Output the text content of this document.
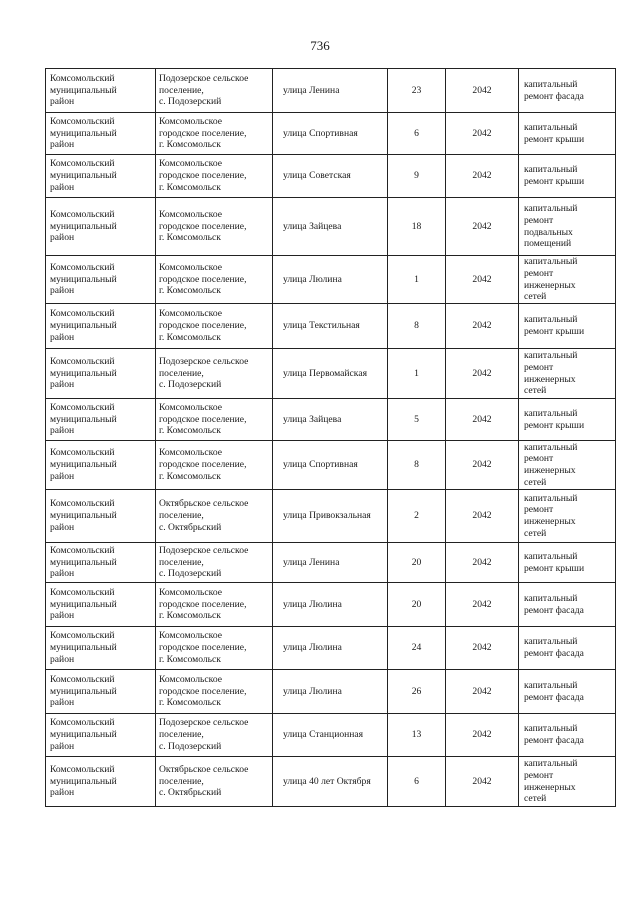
736
Комсомольский
муниципальный
район	Подозерское сельское
поселение,
с. Подозерский	улица Ленина	23	2042	капитальный
ремонт фасада

Комсомольский
муниципальный
район	Комсомольское
городское поселение,
г. Комсомольск	улица Спортивная	6	2042	капитальный
ремонт крыши

Комсомольский
муниципальный
район	Комсомольское
городское поселение,
г. Комсомольск	улица Советская	9	2042	капитальный
ремонт крыши

Комсомольский
муниципальный
район	Комсомольское
городское поселение,
г. Комсомольск	улица Зайцева	18	2042	капитальный
ремонт
подвальных
помещений

Комсомольский
муниципальный
район	Комсомольское
городское поселение,
г. Комсомольск	улица Люлина	1	2042	капитальный
ремонт
инженерных
сетей

Комсомольский
муниципальный
район	Комсомольское
городское поселение,
г. Комсомольск	улица Текстильная	8	2042	капитальный
ремонт крыши

Комсомольский
муниципальный
район	Подозерское сельское
поселение,
с. Подозерский	улица Первомайская	1	2042	капитальный
ремонт
инженерных
сетей

Комсомольский
муниципальный
район	Комсомольское
городское поселение,
г. Комсомольск	улица Зайцева	5	2042	капитальный
ремонт крыши

Комсомольский
муниципальный
район	Комсомольское
городское поселение,
г. Комсомольск	улица Спортивная	8	2042	капитальный
ремонт
инженерных
сетей

Комсомольский
муниципальный
район	Октябрьское сельское
поселение,
с. Октябрьский	улица Привокзальная	2	2042	капитальный
ремонт
инженерных
сетей

Комсомольский
муниципальный
район	Подозерское сельское
поселение,
с. Подозерский	улица Ленина	20	2042	капитальный
ремонт крыши

Комсомольский
муниципальный
район	Комсомольское
городское поселение,
г. Комсомольск	улица Люлина	20	2042	капитальный
ремонт фасада

Комсомольский
муниципальный
район	Комсомольское
городское поселение,
г. Комсомольск	улица Люлина	24	2042	капитальный
ремонт фасада

Комсомольский
муниципальный
район	Комсомольское
городское поселение,
г. Комсомольск	улица Люлина	26	2042	капитальный
ремонт фасада

Комсомольский
муниципальный
район	Подозерское сельское
поселение,
с. Подозерский	улица Станционная	13	2042	капитальный
ремонт фасада

Комсомольский
муниципальный
район	Октябрьское сельское
поселение,
с. Октябрьский	улица 40 лет Октября	6	2042	капитальный
ремонт
инженерных
сетей
